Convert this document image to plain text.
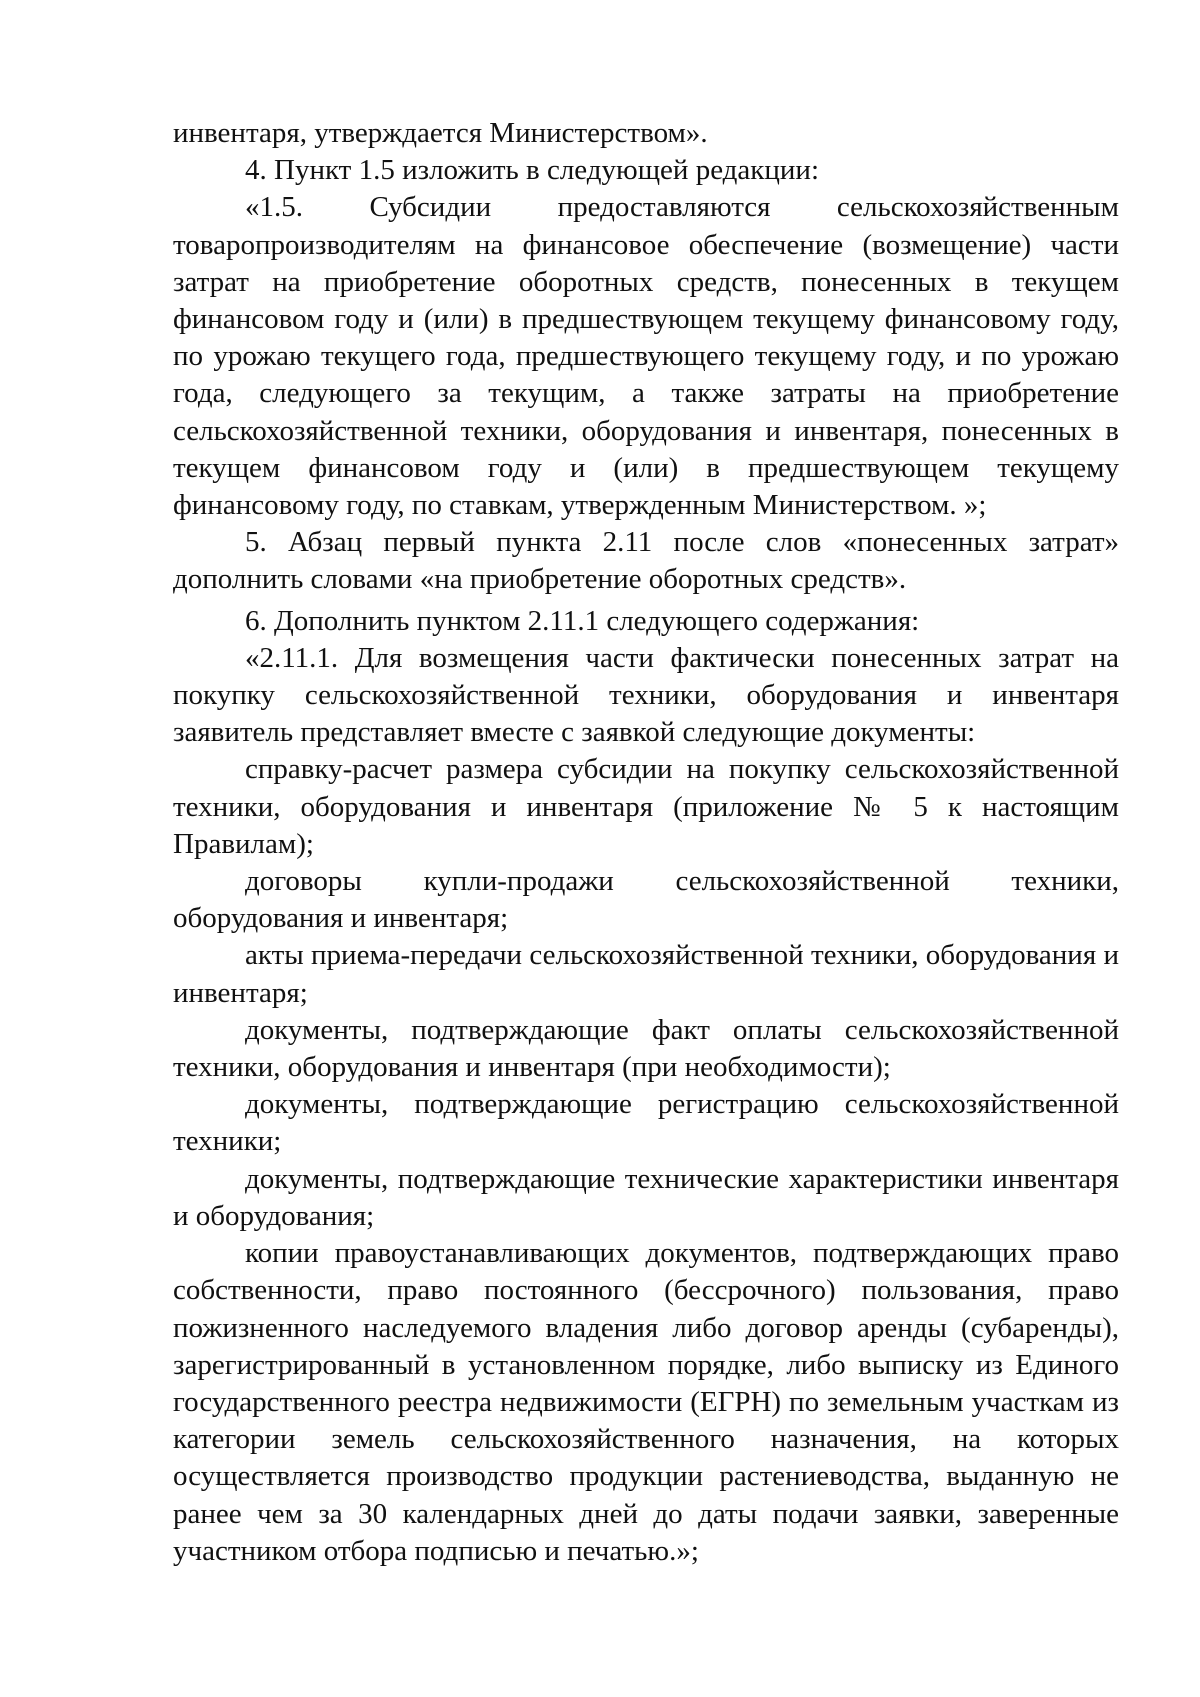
инвентаря, утверждается Министерством».

4. Пункт 1.5 изложить в следующей редакции:

«1.5. Субсидии предоставляются сельскохозяйственным товаропроизводителям на финансовое обеспечение (возмещение) части затрат на приобретение оборотных средств, понесенных в текущем финансовом году и (или) в предшествующем текущему финансовому году, по урожаю текущего года, предшествующего текущему году, и по урожаю года, следующего за текущим, а также затраты на приобретение сельскохозяйственной техники, оборудования и инвентаря, понесенных в текущем финансовом году и (или) в предшествующем текущему финансовому году, по ставкам, утвержденным Министерством. »;

5. Абзац первый пункта 2.11 после слов «понесенных затрат» дополнить словами «на приобретение оборотных средств».

6. Дополнить пунктом 2.11.1 следующего содержания:

«2.11.1. Для возмещения части фактически понесенных затрат на покупку сельскохозяйственной техники, оборудования и инвентаря заявитель представляет вместе с заявкой следующие документы:

справку-расчет размера субсидии на покупку сельскохозяйственной техники, оборудования и инвентаря (приложение № 5 к настоящим Правилам);

договоры купли-продажи сельскохозяйственной техники, оборудования и инвентаря;

акты приема-передачи сельскохозяйственной техники, оборудования и инвентаря;

документы, подтверждающие факт оплаты сельскохозяйственной техники, оборудования и инвентаря (при необходимости);

документы, подтверждающие регистрацию сельскохозяйственной техники;

документы, подтверждающие технические характеристики инвентаря и оборудования;

копии правоустанавливающих документов, подтверждающих право собственности, право постоянного (бессрочного) пользования, право пожизненного наследуемого владения либо договор аренды (субаренды), зарегистрированный в установленном порядке, либо выписку из Единого государственного реестра недвижимости (ЕГРН) по земельным участкам из категории земель сельскохозяйственного назначения, на которых осуществляется производство продукции растениеводства, выданную не ранее чем за 30 календарных дней до даты подачи заявки, заверенные участником отбора подписью и печатью.»;
